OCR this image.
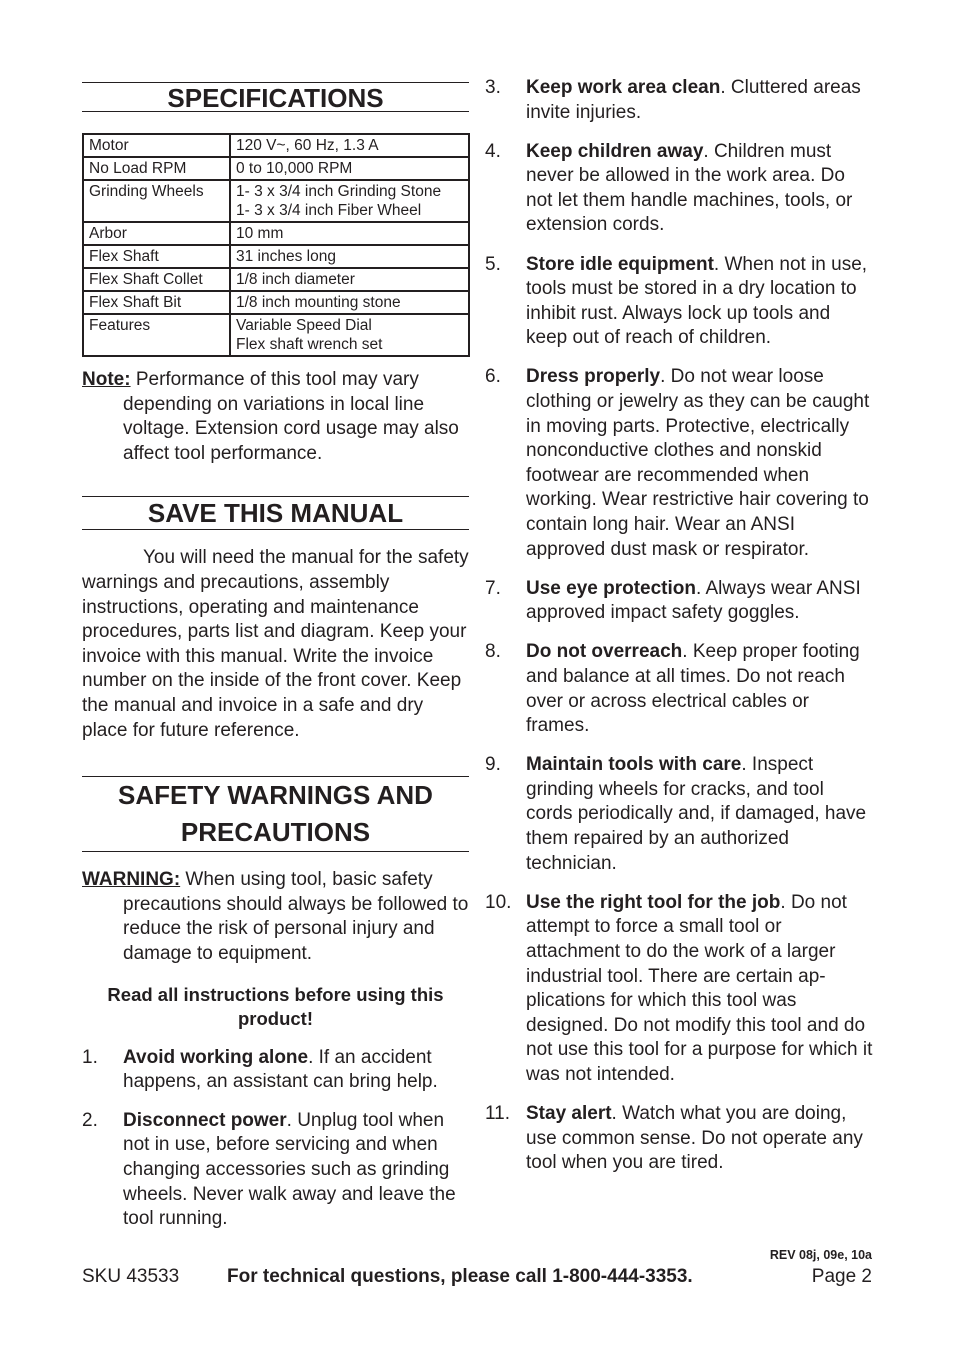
SPECIFICATIONS
Motor	120 V~, 60 Hz, 1.3 A

No Load RPM	0 to 10,000 RPM

Grinding Wheels	1- 3 x 3/4 inch Grinding Stone
1- 3 x 3/4 inch Fiber Wheel

Arbor	10 mm

Flex Shaft	31 inches long

Flex Shaft Collet	1/8 inch diameter

Flex Shaft Bit	1/8 inch mounting stone

Features	Variable Speed Dial
Flex shaft wrench set

Note: Performance of this tool may vary depending on variations in local line voltage. Extension cord usage may also affect tool performance.

SAVE THIS MANUAL

You will need the manual for the safety warnings and precautions, assembly instructions, operating and maintenance procedures, parts list and diagram. Keep your invoice with this manual. Write the invoice number on the inside of the front cover. Keep the manual and invoice in a safe and dry place for future reference.

SAFETY WARNINGS AND
PRECAUTIONS

WARNING: When using tool, basic safety precautions should always be followed to reduce the risk of personal injury and damage to equipment.

Read all instructions before using this
product!
1.	Avoid working alone. If an accident happens, an assistant can bring help.
2.	Disconnect power. Unplug tool when not in use, before servicing and when changing accessories such as grinding wheels. Never walk away and leave the tool running.
3.	Keep work area clean. Cluttered areas invite injuries.
4.	Keep children away. Children must never be allowed in the work area. Do not let them handle machines, tools, or extension cords.
5.	Store idle equipment. When not in use, tools must be stored in a dry location to inhibit rust. Always lock up tools and keep out of reach of children.
6.	Dress properly. Do not wear loose clothing or jewelry as they can be caught in moving parts. Protective, electrically nonconductive clothes and nonskid footwear are recommended when working. Wear restrictive hair covering to contain long hair. Wear an ANSI approved dust mask or respirator.
7.	Use eye protection. Always wear ANSI approved impact safety goggles.
8.	Do not overreach. Keep proper footing and balance at all times. Do not reach over or across electrical cables or frames.
9.	Maintain tools with care. Inspect grinding wheels for cracks, and tool cords periodically and, if damaged, have them repaired by an authorized technician.
10. Use the right tool for the job. Do not attempt to force a small tool or attachment to do the work of a larger industrial tool. There are certain applications for which this tool was designed. Do not modify this tool and do not use this tool for a purpose for which it was not intended.
11. Stay alert. Watch what you are doing, use common sense. Do not operate any tool when you are tired.
REV 08j, 09e, 10a
SKU 43533	For technical questions, please call 1-800-444-3353.	Page 2
